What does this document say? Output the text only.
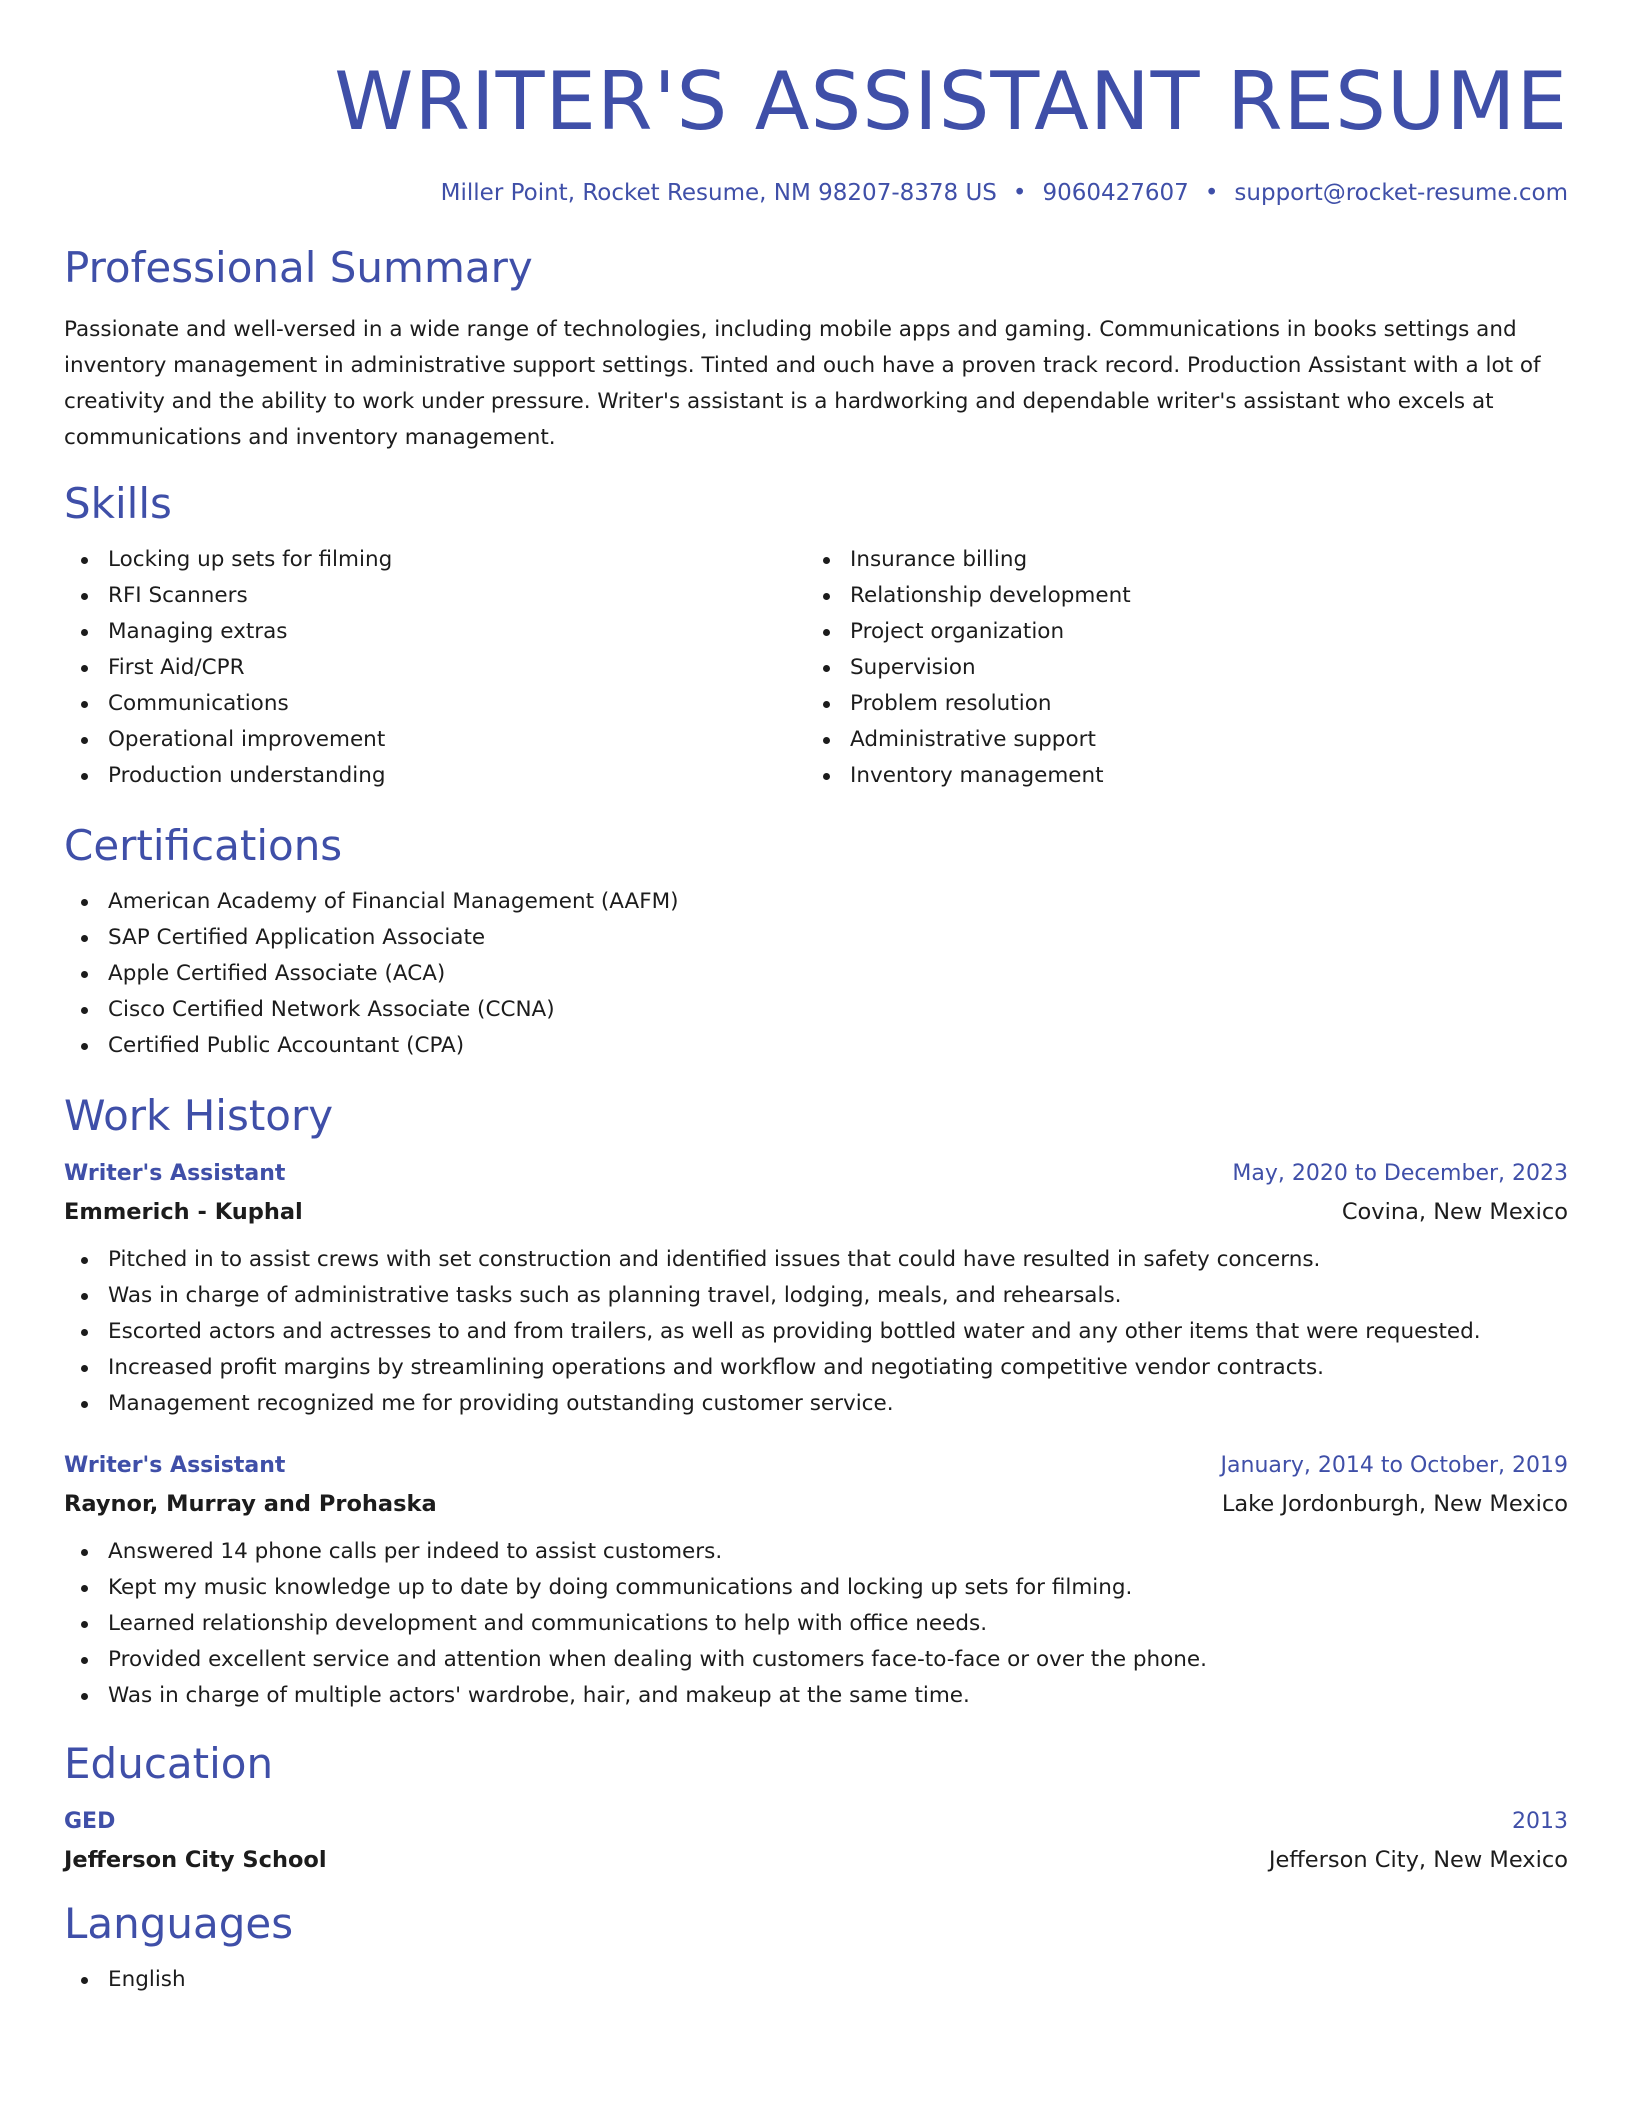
WRITER'S ASSISTANT RESUME
Miller Point, Rocket Resume, NM 98207-8378 US • 9060427607 • support@rocket-resume.com
Professional Summary

Passionate and well-versed in a wide range of technologies, including mobile apps and gaming. Communications in books settings and inventory management in administrative support settings. Tinted and ouch have a proven track record. Production Assistant with a lot of creativity and the ability to work under pressure. Writer's assistant is a hardworking and dependable writer's assistant who excels at communications and inventory management.

Skills
Locking up sets for filming
RFI Scanners
Managing extras
First Aid/CPR
Communications
Operational improvement
Production understanding
Insurance billing
Relationship development
Project organization
Supervision
Problem resolution
Administrative support
Inventory management
Certifications
American Academy of Financial Management (AAFM)
SAP Certified Application Associate
Apple Certified Associate (ACA)
Cisco Certified Network Associate (CCNA)
Certified Public Accountant (CPA)
Work History
Writer's Assistant	May, 2020 to December, 2023
Emmerich - Kuphal	Covina, New Mexico
Pitched in to assist crews with set construction and identified issues that could have resulted in safety concerns.
Was in charge of administrative tasks such as planning travel, lodging, meals, and rehearsals.
Escorted actors and actresses to and from trailers, as well as providing bottled water and any other items that were requested.
Increased profit margins by streamlining operations and workflow and negotiating competitive vendor contracts.
Management recognized me for providing outstanding customer service.
Writer's Assistant	January, 2014 to October, 2019
Raynor, Murray and Prohaska	Lake Jordonburgh, New Mexico
Answered 14 phone calls per indeed to assist customers.
Kept my music knowledge up to date by doing communications and locking up sets for filming.
Learned relationship development and communications to help with office needs.
Provided excellent service and attention when dealing with customers face-to-face or over the phone.
Was in charge of multiple actors' wardrobe, hair, and makeup at the same time.
Education
GED	2013
Jefferson City School	Jefferson City, New Mexico
Languages
English
